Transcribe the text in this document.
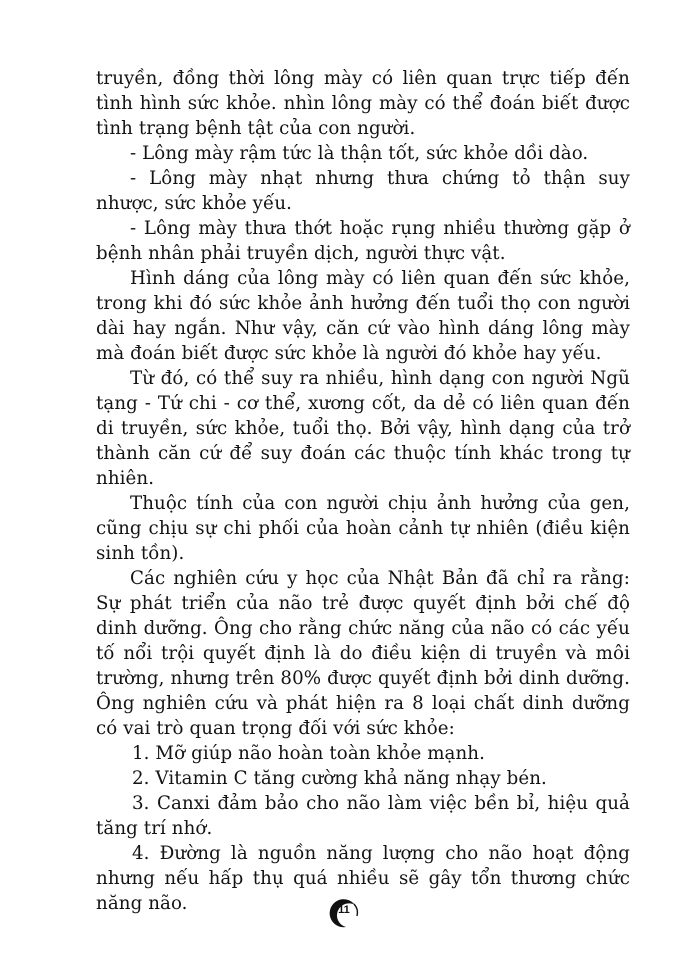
truyền, đồng thời lông mày có liên quan trực tiếp đến tình hình sức khỏe. nhìn lông mày có thể đoán biết được tình trạng bệnh tật của con người.

- Lông mày rậm tức là thận tốt, sức khỏe dồi dào.

- Lông mày nhạt nhưng thưa chứng tỏ thận suy nhược, sức khỏe yếu.

- Lông mày thưa thớt hoặc rụng nhiều thường gặp ở bệnh nhân phải truyền dịch, người thực vật.

Hình dáng của lông mày có liên quan đến sức khỏe, trong khi đó sức khỏe ảnh hưởng đến tuổi thọ con người dài hay ngắn. Như vậy, căn cứ vào hình dáng lông mày mà đoán biết được sức khỏe là người đó khỏe hay yếu.

Từ đó, có thể suy ra nhiều, hình dạng con người Ngũ tạng - Tứ chi - cơ thể, xương cốt, da dẻ có liên quan đến di truyền, sức khỏe, tuổi thọ. Bởi vậy, hình dạng của trở thành căn cứ để suy đoán các thuộc tính khác trong tự nhiên.

Thuộc tính của con người chịu ảnh hưởng của gen, cũng chịu sự chi phối của hoàn cảnh tự nhiên (điều kiện sinh tồn).

Các nghiên cứu y học của Nhật Bản đã chỉ ra rằng: Sự phát triển của não trẻ được quyết định bởi chế độ dinh dưỡng. Ông cho rằng chức năng của não có các yếu tố nổi trội quyết định là do điều kiện di truyền và môi trường, nhưng trên 80% được quyết định bởi dinh dưỡng. Ông nghiên cứu và phát hiện ra 8 loại chất dinh dưỡng có vai trò quan trọng đối với sức khỏe:

1. Mỡ giúp não hoàn toàn khỏe mạnh.

2. Vitamin C tăng cường khả năng nhạy bén.

3. Canxi đảm bảo cho não làm việc bền bỉ, hiệu quả tăng trí nhớ.

4. Đường là nguồn năng lượng cho não hoạt động nhưng nếu hấp thụ quá nhiều sẽ gây tổn thương chức năng não.	11
